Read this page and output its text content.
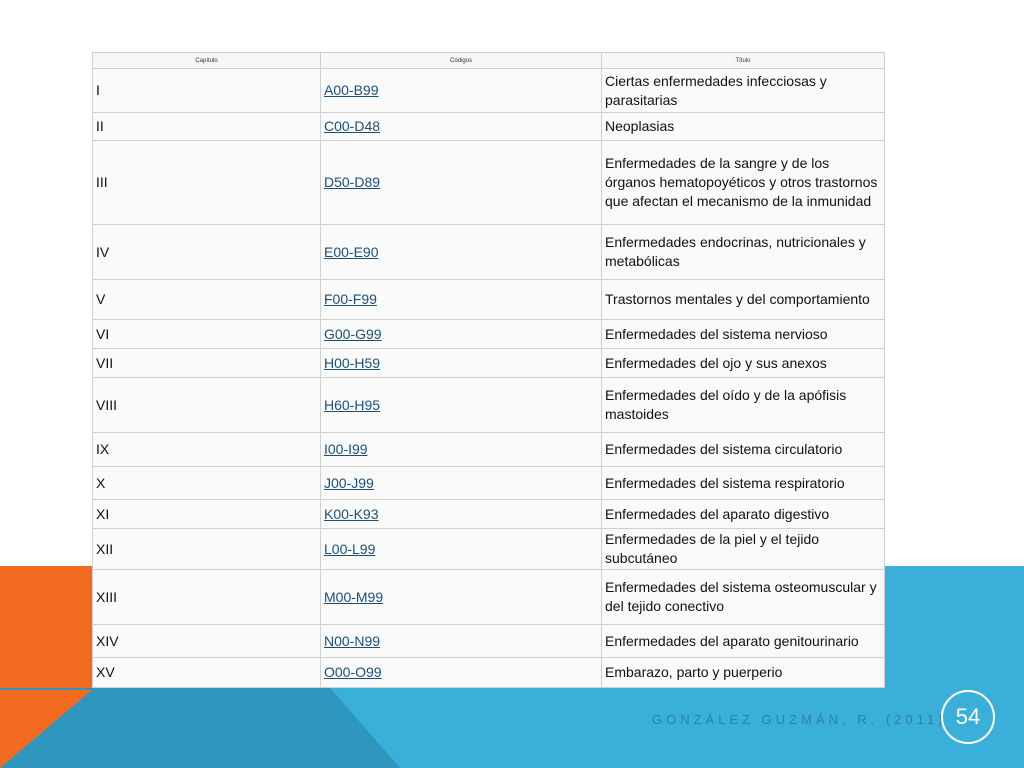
Capítulo	Códigos	Título
I	A00-B99	Ciertas enfermedades infecciosas y parasitarias
II	C00-D48	Neoplasias
III	D50-D89	Enfermedades de la sangre y de los órganos hematopoyéticos y otros trastornos que afectan el mecanismo de la inmunidad
IV	E00-E90	Enfermedades endocrinas, nutricionales y metabólicas
V	F00-F99	Trastornos mentales y del comportamiento
VI	G00-G99	Enfermedades del sistema nervioso
VII	H00-H59	Enfermedades del ojo y sus anexos
VIII	H60-H95	Enfermedades del oído y de la apófisis mastoides
IX	I00-I99	Enfermedades del sistema circulatorio
X	J00-J99	Enfermedades del sistema respiratorio
XI	K00-K93	Enfermedades del aparato digestivo
XII	L00-L99	Enfermedades de la piel y el tejido subcutáneo
XIII	M00-M99	Enfermedades del sistema osteomuscular y del tejido conectivo
XIV	N00-N99	Enfermedades del aparato genitourinario
XV	O00-O99	Embarazo, parto y puerperio
GONZÁLEZ GUZMÁN, R. (2011) 54
